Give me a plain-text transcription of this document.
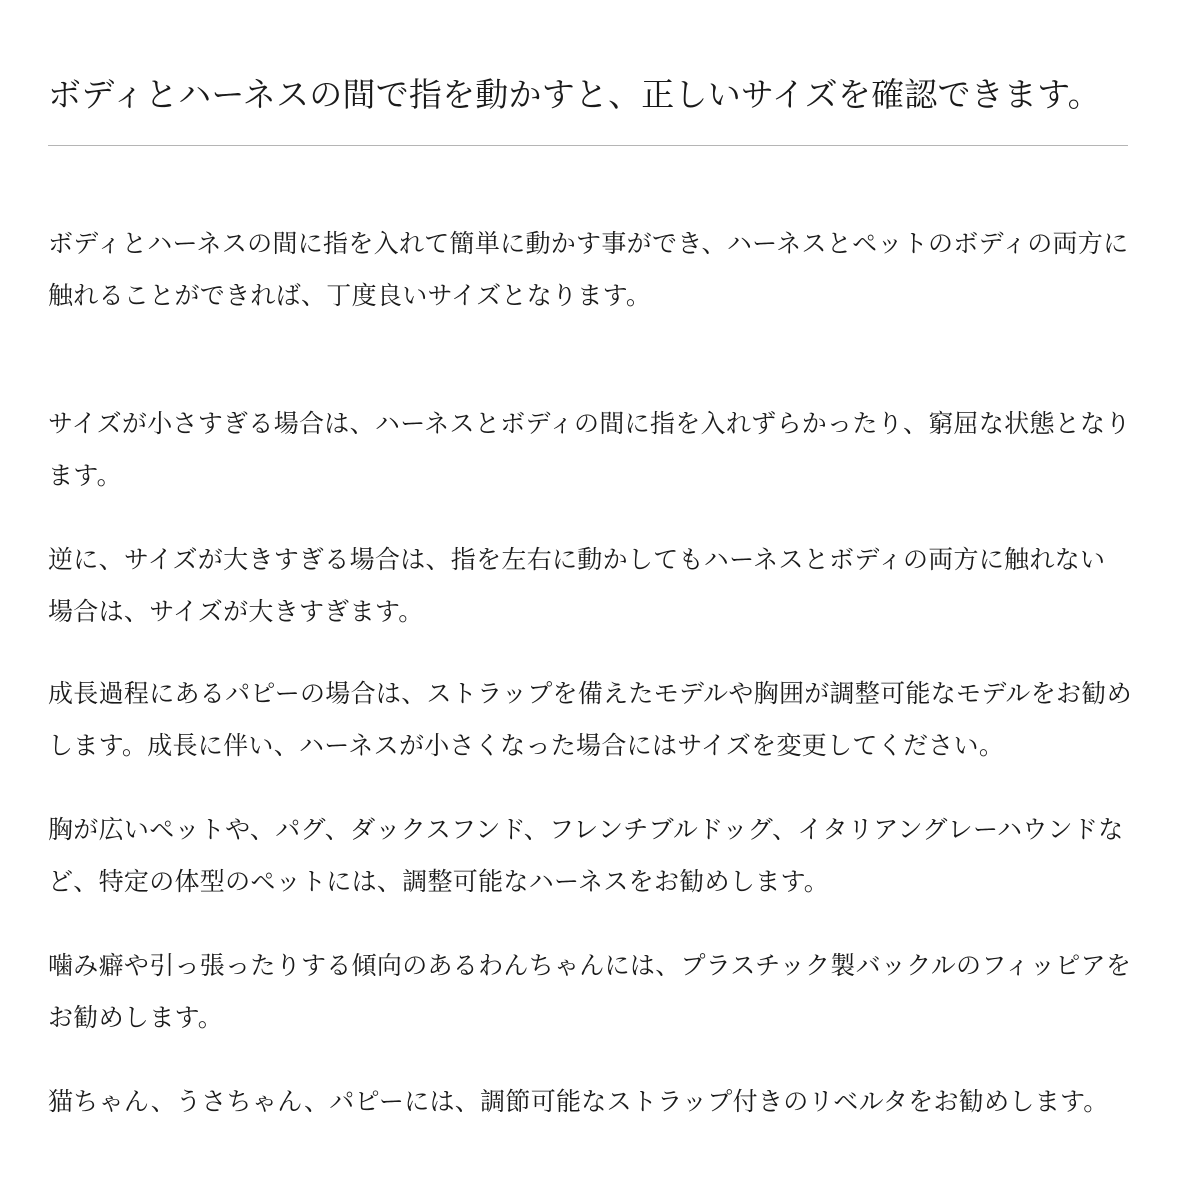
ボディとハーネスの間で指を動かすと、正しいサイズを確認できます。

ボディとハーネスの間に指を入れて簡単に動かす事ができ、ハーネスとペットのボディの両方に
触れることができれば、丁度良いサイズとなります。

サイズが小さすぎる場合は、ハーネスとボディの間に指を入れずらかったり、窮屈な状態となり
ます。

逆に、サイズが大きすぎる場合は、指を左右に動かしてもハーネスとボディの両方に触れない
場合は、サイズが大きすぎます。

成長過程にあるパピーの場合は、ストラップを備えたモデルや胸囲が調整可能なモデルをお勧め
します。成長に伴い、ハーネスが小さくなった場合にはサイズを変更してください。

胸が広いペットや、パグ、ダックスフンド、フレンチブルドッグ、イタリアングレーハウンドな
ど、特定の体型のペットには、調整可能なハーネスをお勧めします。

噛み癖や引っ張ったりする傾向のあるわんちゃんには、プラスチック製バックルのフィッピアを
お勧めします。

猫ちゃん、うさちゃん、パピーには、調節可能なストラップ付きのリベルタをお勧めします。
